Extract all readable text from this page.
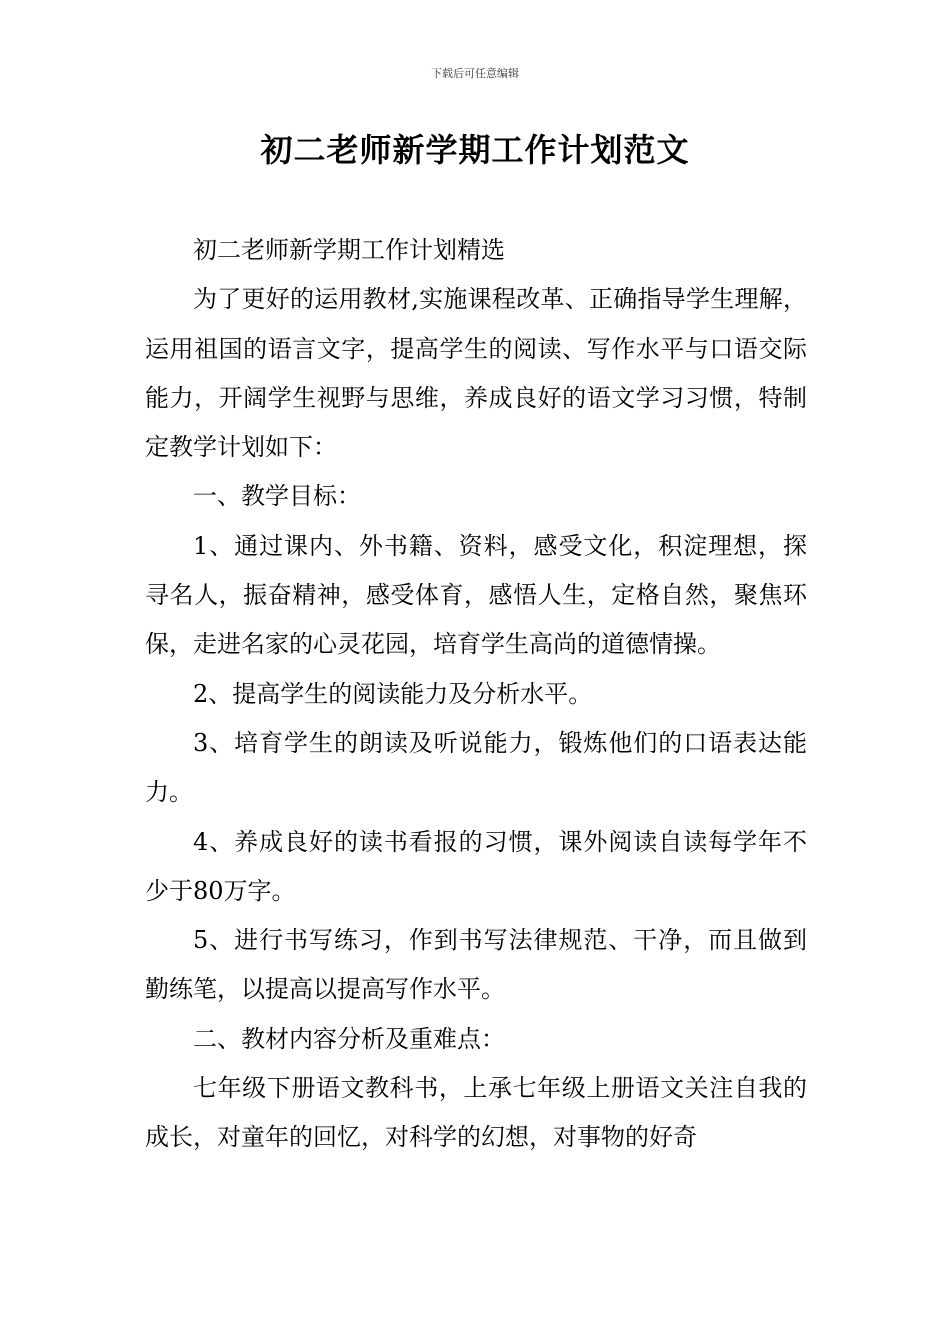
下载后可任意编辑
初二老师新学期工作计划范文

初二老师新学期工作计划精选

为了更好的运用教材,实施课程改革、正确指导学生理解，运用祖国的语言文字，提高学生的阅读、写作水平与口语交际能力，开阔学生视野与思维，养成良好的语文学习习惯，特制定教学计划如下：

一、教学目标：

1、通过课内、外书籍、资料，感受文化，积淀理想，探寻名人，振奋精神，感受体育，感悟人生，定格自然，聚焦环保，走进名家的心灵花园，培育学生高尚的道德情操。

2、提高学生的阅读能力及分析水平。

3、培育学生的朗读及听说能力，锻炼他们的口语表达能力。

4、养成良好的读书看报的习惯，课外阅读自读每学年不少于80万字。

5、进行书写练习，作到书写法律规范、干净，而且做到勤练笔，以提高以提高写作水平。

二、教材内容分析及重难点：

七年级下册语文教科书，上承七年级上册语文关注自我的成长，对童年的回忆，对科学的幻想，对事物的好奇
